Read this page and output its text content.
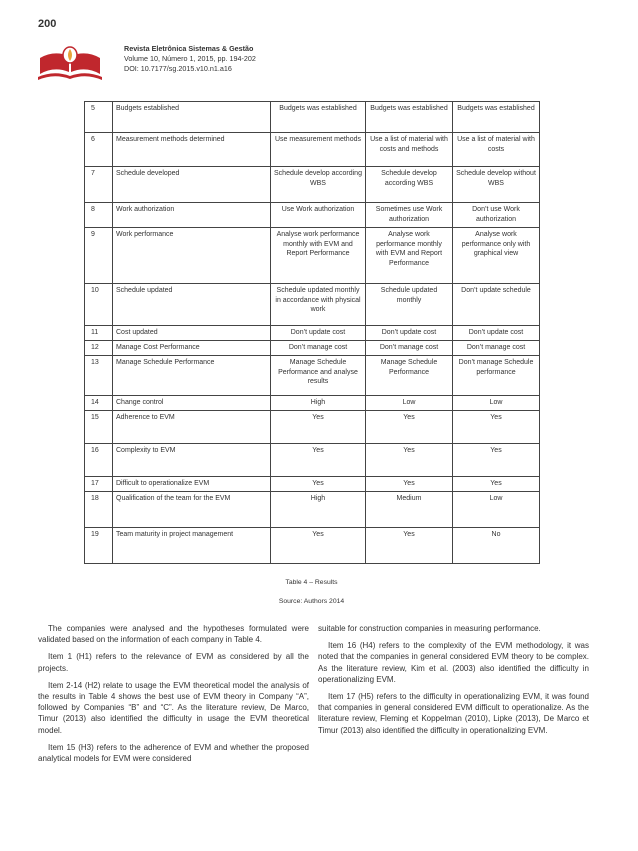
200
Revista Eletrônica Sistemas & Gestão
Volume 10, Número 1, 2015, pp. 194-202
DOI: 10.7177/sg.2015.v10.n1.a16
5	Budgets established	Budgets was established	Budgets was established	Budgets was established
6	Measurement methods determined	Use measurement methods	Use a list of material with costs and methods	Use a list of material with costs
7	Schedule developed	Schedule develop according WBS	Schedule develop according WBS	Schedule develop without WBS
8	Work authorization	Use Work authorization	Sometimes use Work authorization	Don’t use Work authorization
9	Work performance	Analyse work performance monthly with EVM and Report Performance	Analyse work performance monthly with EVM and Report Performance	Analyse work performance only with graphical view
10	Schedule updated	Schedule updated monthly in accordance with physical work	Schedule updated monthly	Don’t update schedule
11	Cost updated	Don’t update cost	Don’t update cost	Don’t update cost
12	Manage Cost Performance	Don’t manage cost	Don’t manage cost	Don’t manage cost
13	Manage Schedule Performance	Manage Schedule Performance and analyse results	Manage Schedule Performance	Don’t manage Schedule performance
14	Change control	High	Low	Low
15	Adherence to EVM	Yes	Yes	Yes
16	Complexity to EVM	Yes	Yes	Yes
17	Difficult to operationalize EVM	Yes	Yes	Yes
18	Qualification of the team for the EVM	High	Medium	Low
19	Team maturity in project management	Yes	Yes	No
Table 4 – Results
Source: Authors 2014

The companies were analysed and the hypotheses formulated were validated based on the information of each company in Table 4.

Item 1 (H1) refers to the relevance of EVM as considered by all the projects.

Item 2-14 (H2) relate to usage the EVM theoretical model the analysis of the results in Table 4 shows the best use of EVM theory in Company “A”, followed by Companies “B” and “C”. As the literature review, De Marco, Timur (2013) also identified the difficulty in usage the EVM theoretical model.

Item 15 (H3) refers to the adherence of EVM and whether the proposed analytical models for EVM were considered

suitable for construction companies in measuring performance.

Item 16 (H4) refers to the complexity of the EVM methodology, it was noted that the companies in general considered EVM theory to be complex. As the literature review, Kim et al. (2003) also identified the difficulty in operationalizing EVM.

Item 17 (H5) refers to the difficulty in operationalizing EVM, it was found that companies in general considered EVM difficult to operationalize. As the literature review, Fleming et Koppelman (2010), Lipke (2013), De Marco et Timur (2013) also identified the difficulty in operationalizing EVM.
